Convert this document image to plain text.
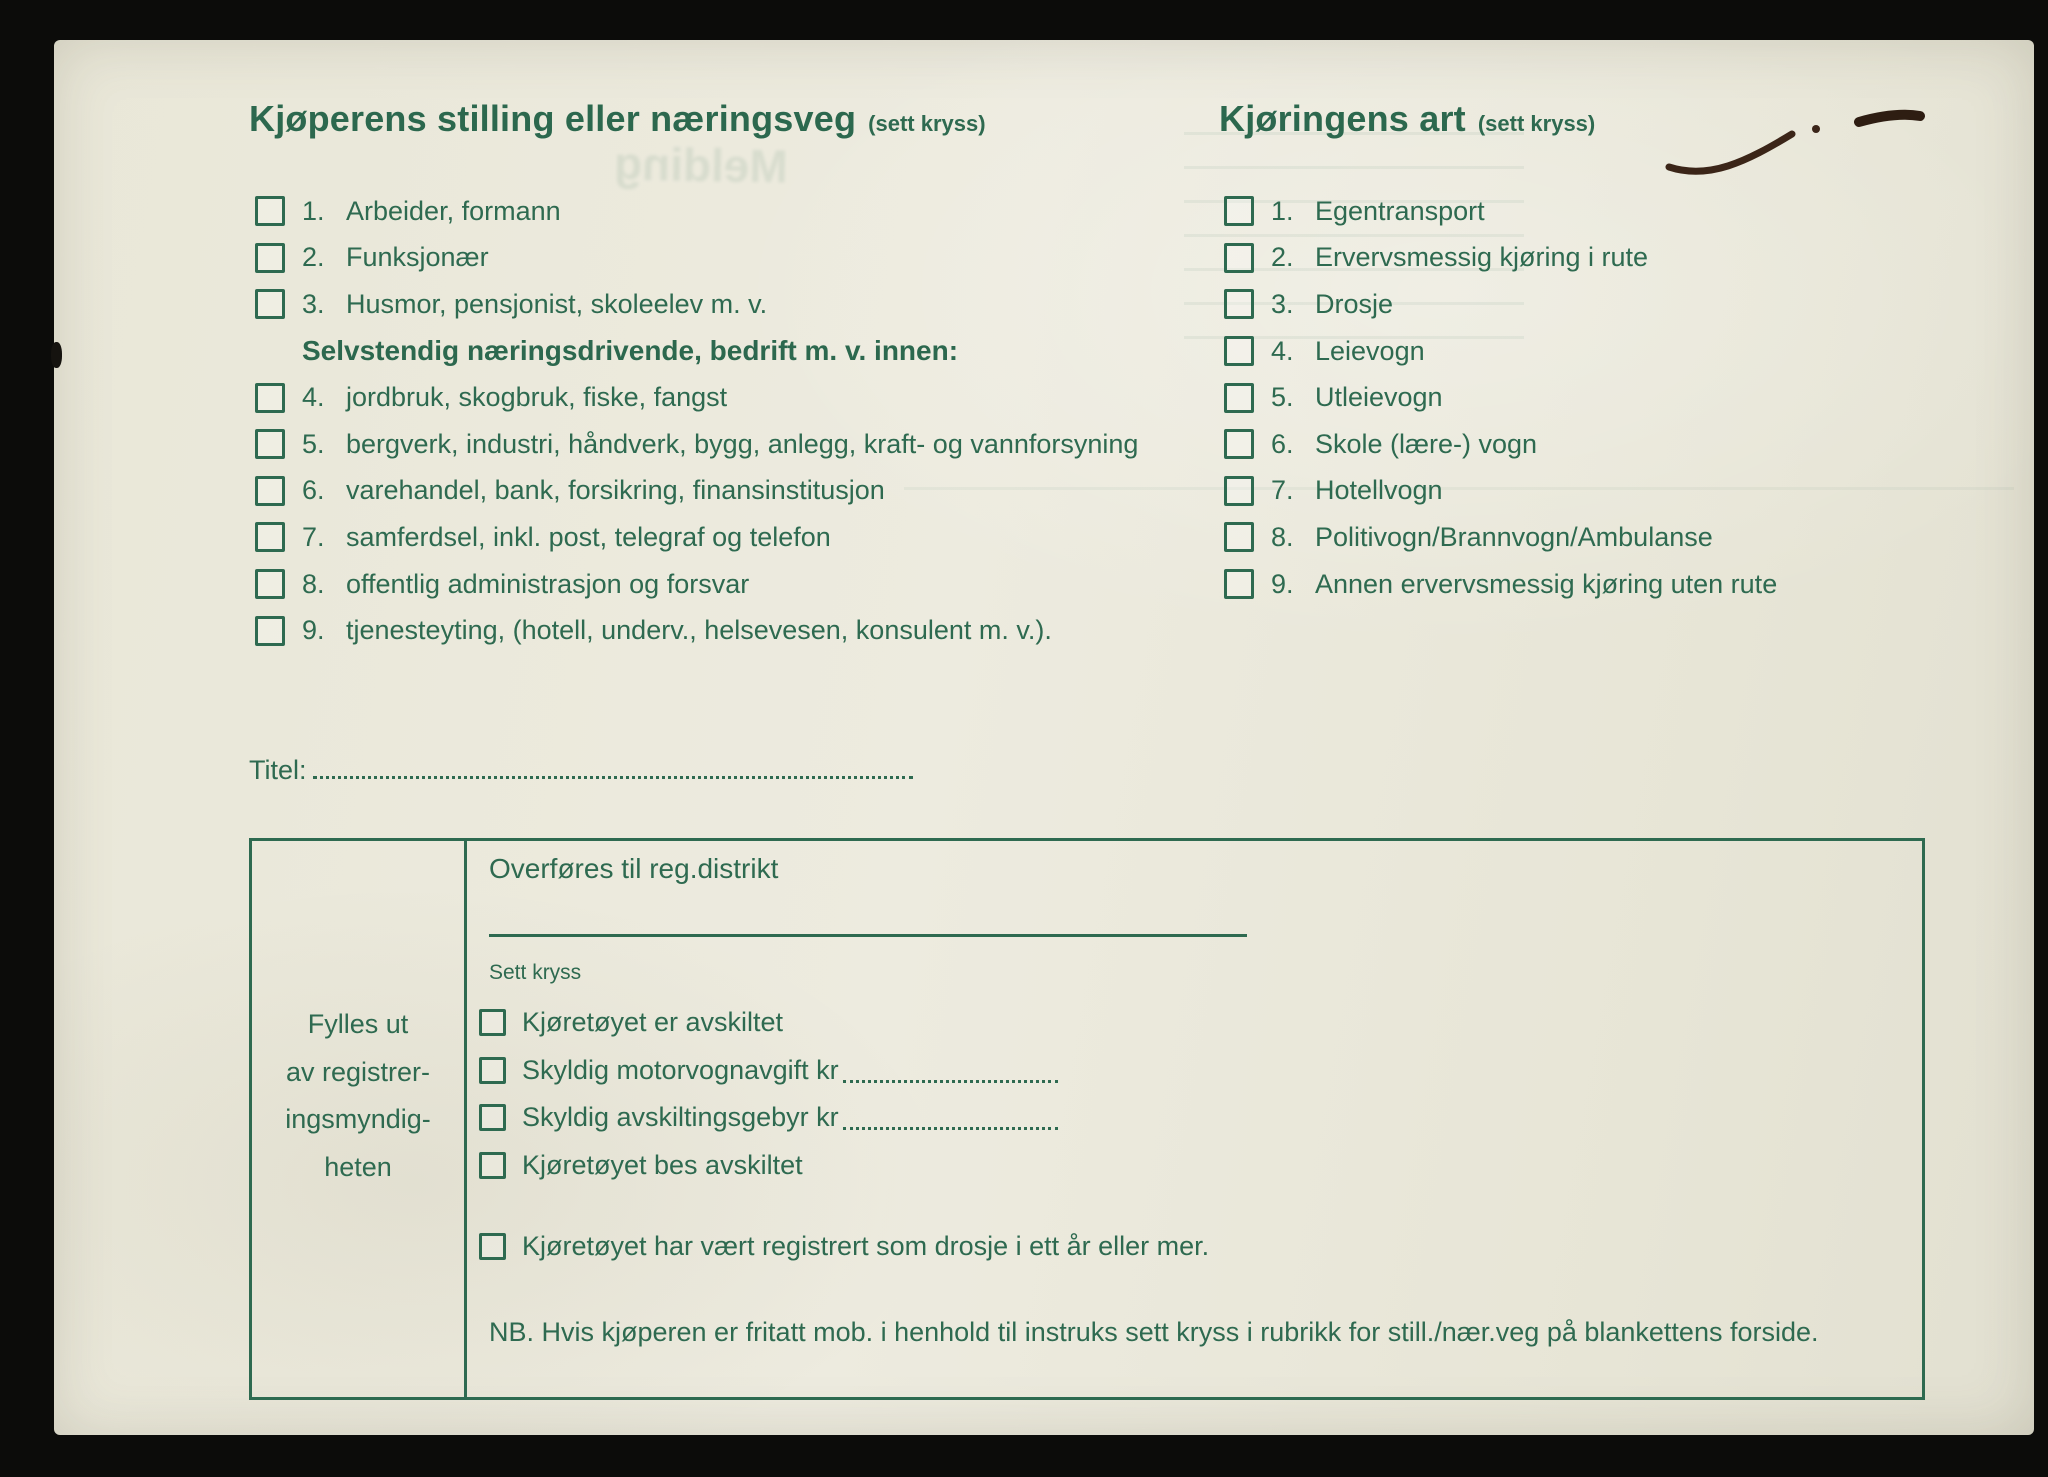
Melding
Kjøperens stilling eller næringsveg (sett kryss)
1. Arbeider, formann
2. Funksjonær
3. Husmor, pensjonist, skoleelev m. v.
Selvstendig næringsdrivende, bedrift m. v. innen:
4. jordbruk, skogbruk, fiske, fangst
5. bergverk, industri, håndverk, bygg, anlegg, kraft- og vannforsyning
6. varehandel, bank, forsikring, finansinstitusjon
7. samferdsel, inkl. post, telegraf og telefon
8. offentlig administrasjon og forsvar
9. tjenesteyting, (hotell, underv., helsevesen, konsulent m. v.).
Kjøringens art (sett kryss)
1. Egentransport
2. Ervervsmessig kjøring i rute
3. Drosje
4. Leievogn
5. Utleievogn
6. Skole (lære-) vogn
7. Hotellvogn
8. Politivogn/Brannvogn/Ambulanse
9. Annen ervervsmessig kjøring uten rute
Titel:
Fylles ut
av registrer-
ingsmyndig-
heten
Overføres til reg.distrikt
Sett kryss
Kjøretøyet er avskiltet
Skyldig motorvognavgift kr
Skyldig avskiltingsgebyr kr
Kjøretøyet bes avskiltet
Kjøretøyet har vært registrert som drosje i ett år eller mer.
NB. Hvis kjøperen er fritatt mob. i henhold til instruks sett kryss i rubrikk for still./nær.veg på blankettens forside.
